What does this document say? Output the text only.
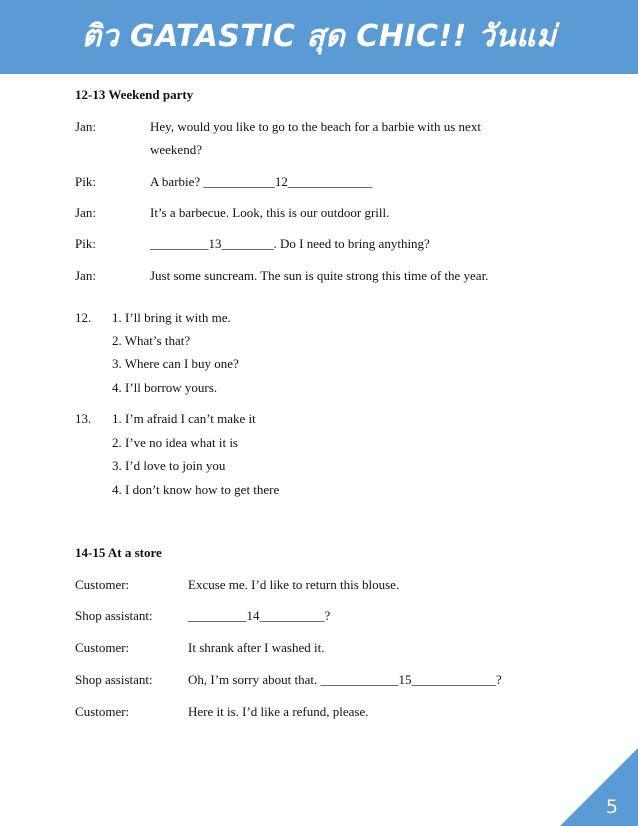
ติว GATASTIC สุด CHIC!! วันแม่
12-13 Weekend party
Jan:	Hey, would you like to go to the beach for a barbie with us next
weekend?
Pik:	A barbie? ___________12_____________
Jan:	It’s a barbecue. Look, this is our outdoor grill.
Pik:	_________13________. Do I need to bring anything?
Jan:	Just some suncream. The sun is quite strong this time of the year.
12. 1. I’ll bring it with me.
2. What’s that?
3. Where can I buy one?
4. I’ll borrow yours.
13. 1. I’m afraid I can’t make it
2. I’ve no idea what it is
3. I’d love to join you
4. I don’t know how to get there
14-15 At a store
Customer:	Excuse me. I’d like to return this blouse.
Shop assistant:	_________14__________?
Customer:	It shrank after I washed it.
Shop assistant:	Oh, I’m sorry about that. ____________15_____________?
Customer:	Here it is. I’d like a refund, please.
5
